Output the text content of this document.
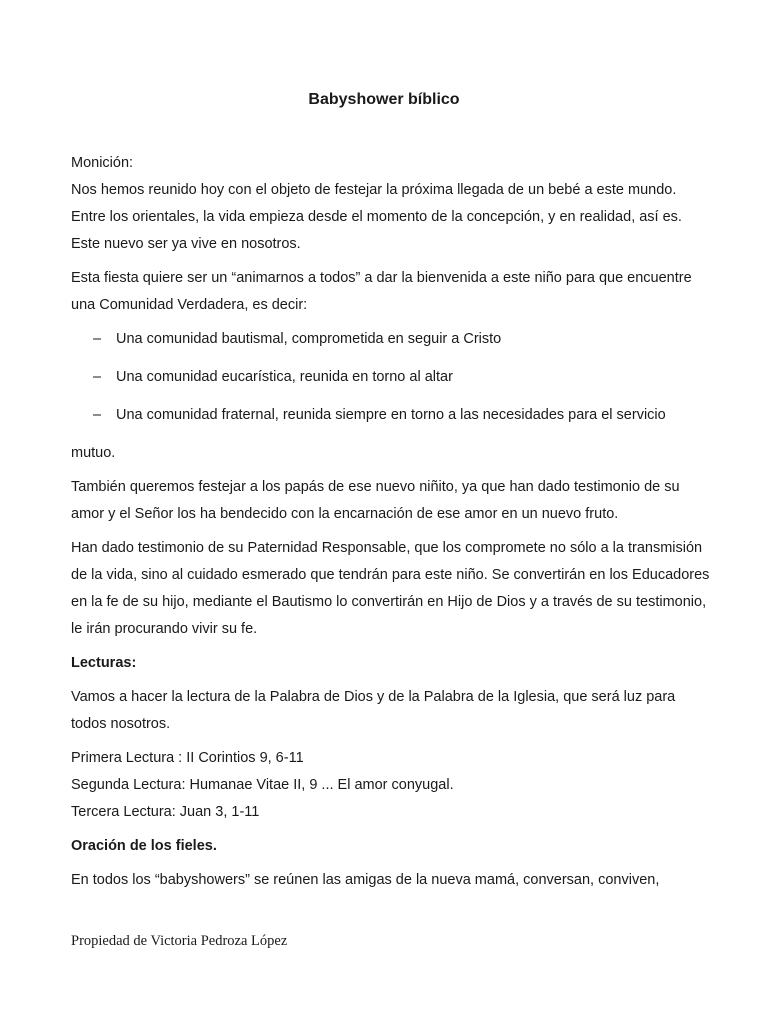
Babyshower bíblico

Monición:

Nos hemos reunido hoy con el objeto de festejar la próxima llegada de un bebé a este mundo. Entre los orientales, la vida empieza desde el momento de la concepción, y en realidad, así es. Este nuevo ser ya vive en nosotros.

Esta fiesta quiere ser un “animarnos a todos” a dar la bienvenida a este niño para que encuentre una Comunidad Verdadera, es decir:

– Una comunidad bautismal, comprometida en seguir a Cristo
– Una comunidad eucarística, reunida en torno al altar
– Una comunidad fraternal, reunida siempre en torno a las necesidades para el servicio

mutuo.

También queremos festejar a los papás de ese nuevo niñito, ya que han dado testimonio de su amor y el Señor los ha bendecido con la encarnación de ese amor en un nuevo fruto.

Han dado testimonio de su Paternidad Responsable, que los compromete no sólo a la transmisión de la vida, sino al cuidado esmerado que tendrán para este niño. Se convertirán en los Educadores en la fe de su hijo, mediante el Bautismo lo convertirán en Hijo de Dios y a través de su testimonio, le irán procurando vivir su fe.

Lecturas:

Vamos a hacer la lectura de la Palabra de Dios y de la Palabra de la Iglesia, que será luz para todos nosotros.

Primera Lectura : II Corintios 9, 6-11

Segunda Lectura: Humanae Vitae II, 9 ... El amor conyugal.

Tercera Lectura: Juan 3, 1-11

Oración de los fieles.

En todos los “babyshowers” se reúnen las amigas de la nueva mamá, conversan, conviven,

Propiedad de Victoria Pedroza López
